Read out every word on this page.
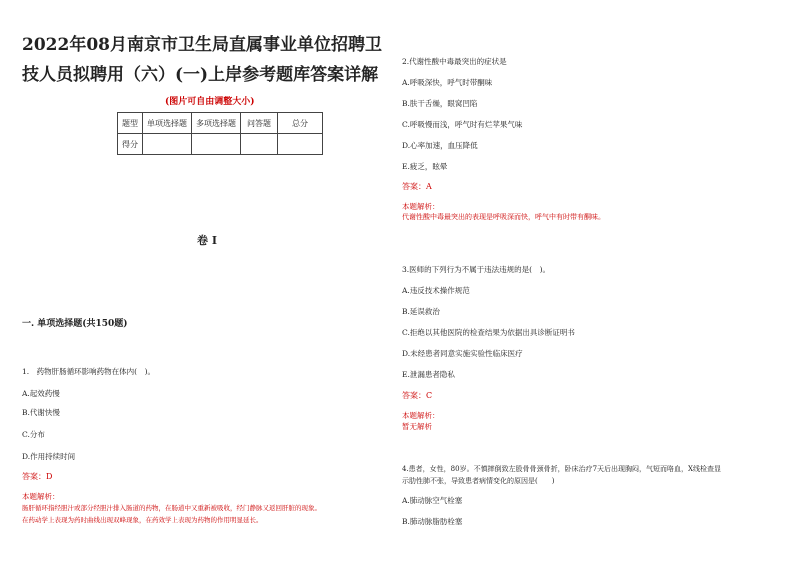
2022年08月南京市卫生局直属事业单位招聘卫
技人员拟聘用（六）(一)上岸参考题库答案详解
(图片可自由调整大小)
题型	单项选择题	多项选择题	问答题	总分
得分				
卷 I
一. 单项选择题(共150题)
1.　药物肝肠循环影响药物在体内(　)。
A.起效药慢
B.代谢快慢
C.分布
D.作用持续时间
答案：D
本题解析：
肠肝循环指经胆汁或部分经胆汁排入肠道的药物，在肠道中又重新被吸收，经门静脉又返回肝脏的现象。
在药动学上表现为药时曲线出现双峰现象，在药效学上表现为药物的作用明显延长。
2.代谢性酸中毒最突出的症状是
A.呼吸深快，呼气时带酮味
B.肤干舌燥，眼窝凹陷
C.呼吸慢而浅，呼气时有烂苹果气味
D.心率加速，血压降低
E.疲乏，眩晕
答案：A
本题解析：
代谢性酸中毒最突出的表现是呼吸深而快，呼气中有时带有酮味。
3.医师的下列行为不属于违法违规的是(　)。
A.违反技术操作规范
B.延误救治
C.拒绝以其他医院的检查结果为依据出具诊断证明书
D.未经患者同意实施实验性临床医疗
E.泄漏患者隐私
答案：C
本题解析：
暂无解析
4.患者，女性，80岁。不慎摔倒致左股骨骨颈骨折，卧床治疗7天后出现胸闷，气短而咯血，X线检查显
示肋性肺不张，导致患者病情变化的原因是(　　)
A.肺动脉空气栓塞
B.肺动脉脂肪栓塞
